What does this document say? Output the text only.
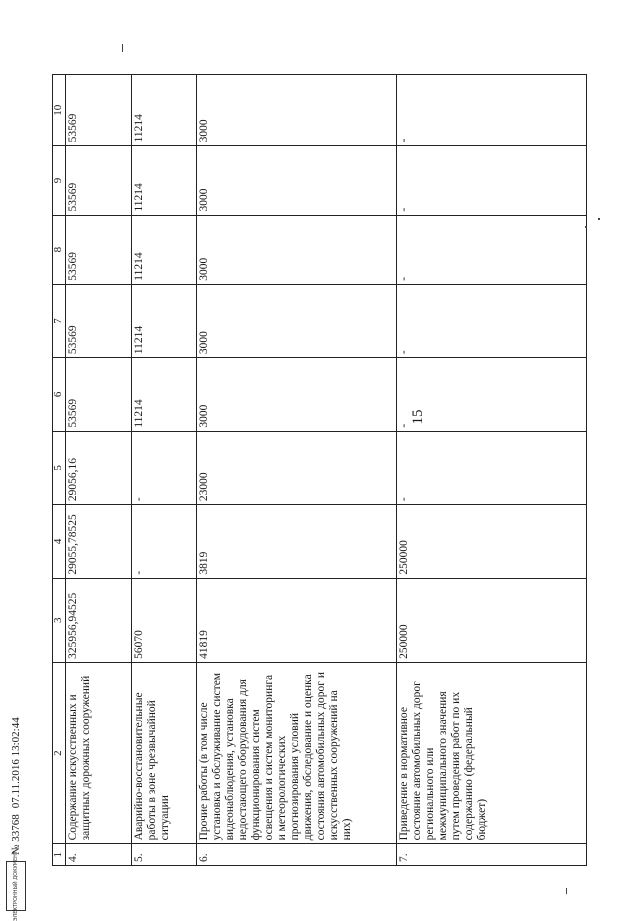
15
1	2	3	4	5	6	7	8	9	10
4.	Содержание искусственных и защитных дорожных сооружений	325956,94525	29055,78525	29056,16	53569	53569	53569	53569	53569
5.	Аварийно-восстановительные работы в зоне чрезвычайной ситуации	56070	-	-	11214	11214	11214	11214	11214
6.	Прочие работы (в том числе установка и обслуживание систем видеонаблюдения, установка недостающего оборудования для функционирования систем освещения и систем мониторинга и метеорологических прогнозирования условий движения, обследование и оценка состояния автомобильных дорог и искусственных сооружений на них)	41819	3819	23000	3000	3000	3000	3000	3000
7.	Приведение в нормативное состояние автомобильных дорог регионального или межмуниципального значения путем проведения работ по их содержанию (федеральный бюджет)	250000	250000	-	-	-	-	-	-
ЭЛЕКТРОННЫЙ ДОКУМЕНТ
№ 33768
07.11.2016 13:02:44
